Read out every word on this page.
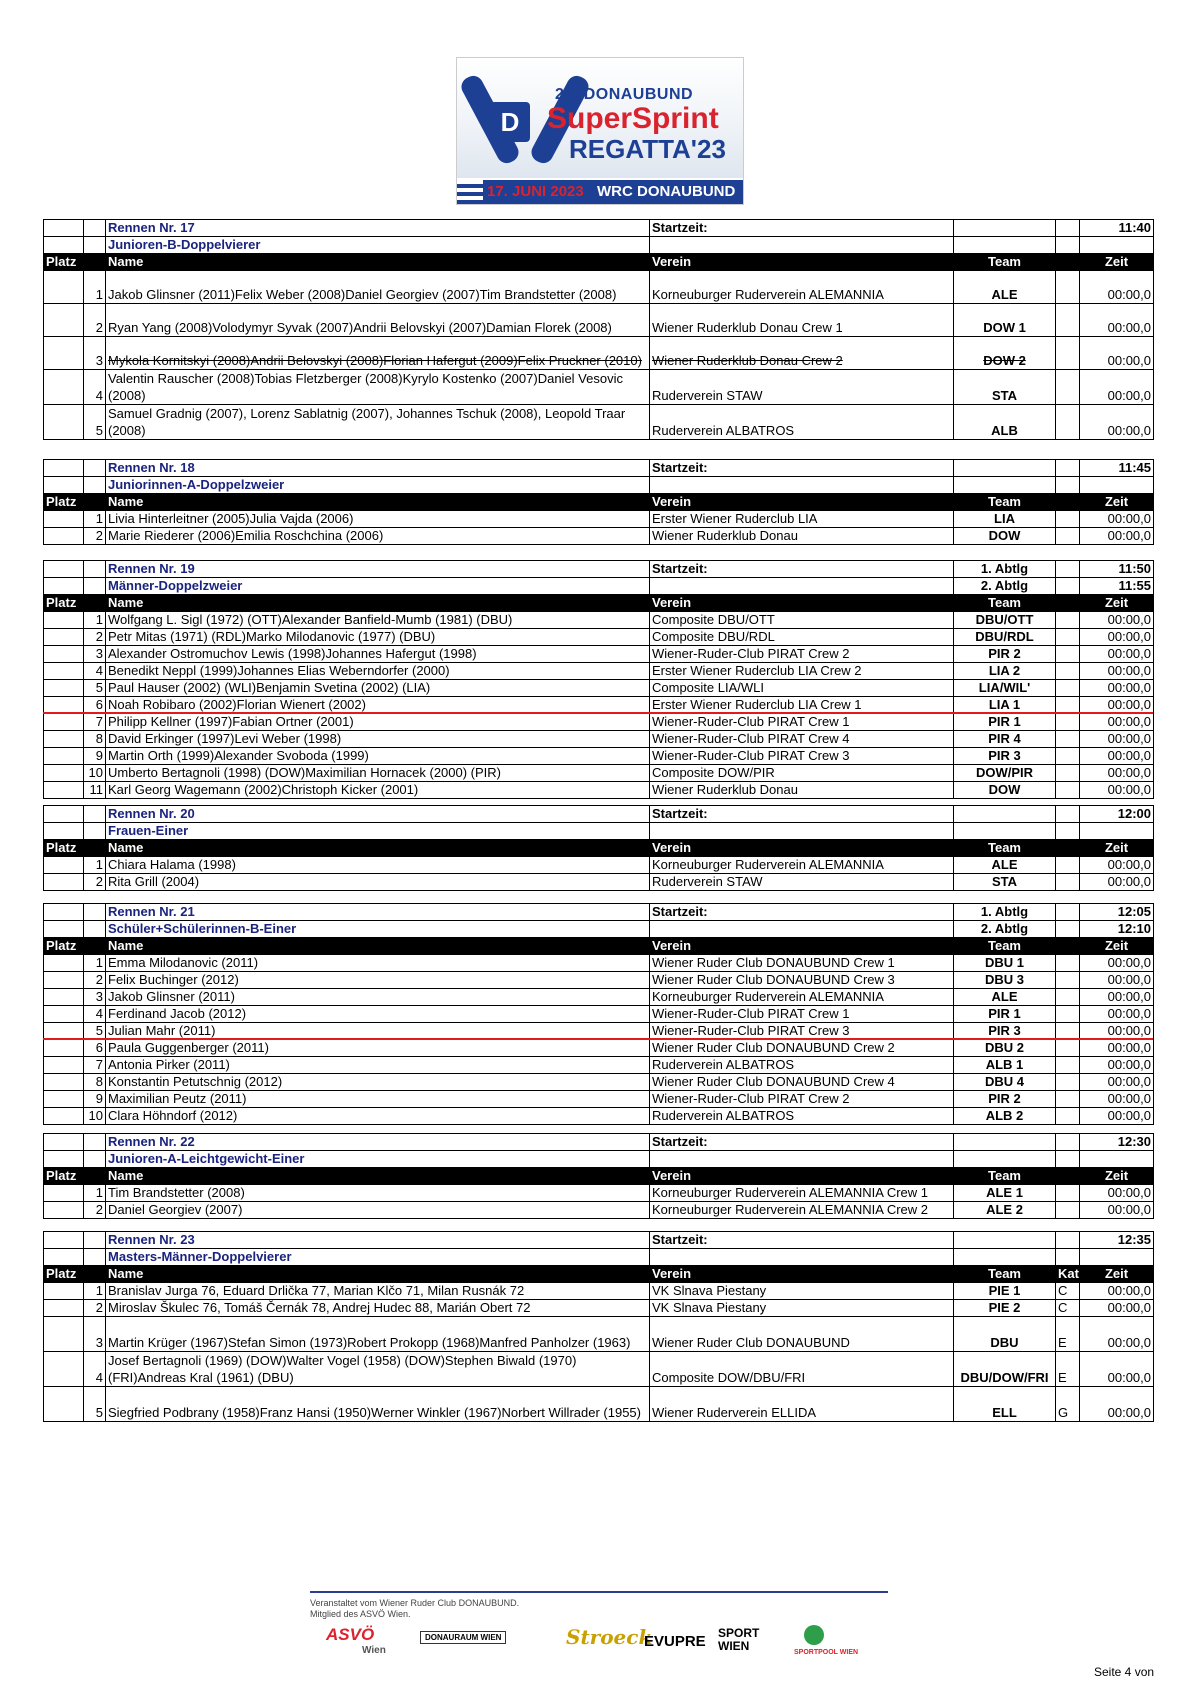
D
24. DONAUBUND
SuperSprint
REGATTA'23
17. JUNI 2023 WRC DONAUBUND
		Rennen Nr. 17	Startzeit:			11:40
		Junioren-B-Doppelvierer				
Platz		Name	Verein	Team		Zeit
	1	Jakob Glinsner (2011)Felix Weber (2008)Daniel Georgiev (2007)Tim Brandstetter (2008)	Korneuburger Ruderverein ALEMANNIA	ALE		00:00,0
	2	Ryan Yang (2008)Volodymyr Syvak (2007)Andrii Belovskyi (2007)Damian Florek (2008)	Wiener Ruderklub Donau Crew 1	DOW 1		00:00,0
	3	Mykola Kornitskyi (2008)Andrii Belovskyi (2008)Florian Hafergut (2009)Felix Pruckner (2010)	Wiener Ruderklub Donau Crew 2	DOW 2		00:00,0
	4	Valentin Rauscher (2008)Tobias Fletzberger (2008)Kyrylo Kostenko (2007)Daniel Vesovic (2008)	Ruderverein STAW	STA		00:00,0
	5	Samuel Gradnig (2007), Lorenz Sablatnig (2007), Johannes Tschuk (2008), Leopold Traar (2008)	Ruderverein ALBATROS	ALB		00:00,0
		Rennen Nr. 18	Startzeit:			11:45
		Juniorinnen-A-Doppelzweier				
Platz		Name	Verein	Team		Zeit
	1	Livia Hinterleitner (2005)Julia Vajda (2006)	Erster Wiener Ruderclub LIA	LIA		00:00,0
	2	Marie Riederer (2006)Emilia Roschchina (2006)	Wiener Ruderklub Donau	DOW		00:00,0
		Rennen Nr. 19	Startzeit:	1. Abtlg		11:50
		Männer-Doppelzweier		2. Abtlg		11:55
Platz		Name	Verein	Team		Zeit
	1	Wolfgang L. Sigl (1972) (OTT)Alexander Banfield-Mumb (1981) (DBU)	Composite DBU/OTT	DBU/OTT		00:00,0
	2	Petr Mitas (1971) (RDL)Marko Milodanovic (1977) (DBU)	Composite DBU/RDL	DBU/RDL		00:00,0
	3	Alexander Ostromuchov Lewis (1998)Johannes Hafergut (1998)	Wiener-Ruder-Club PIRAT Crew 2	PIR 2		00:00,0
	4	Benedikt Neppl (1999)Johannes Elias Weberndorfer (2000)	Erster Wiener Ruderclub LIA Crew 2	LIA 2		00:00,0
	5	Paul Hauser (2002) (WLI)Benjamin Svetina (2002) (LIA)	Composite LIA/WLI	LIA/WIL'		00:00,0
	6	Noah Robibaro (2002)Florian Wienert (2002)	Erster Wiener Ruderclub LIA Crew 1	LIA 1		00:00,0
	7	Philipp Kellner (1997)Fabian Ortner (2001)	Wiener-Ruder-Club PIRAT Crew 1	PIR 1		00:00,0
	8	David Erkinger (1997)Levi Weber (1998)	Wiener-Ruder-Club PIRAT Crew 4	PIR 4		00:00,0
	9	Martin Orth (1999)Alexander Svoboda (1999)	Wiener-Ruder-Club PIRAT Crew 3	PIR 3		00:00,0
	10	Umberto Bertagnoli (1998) (DOW)Maximilian Hornacek (2000) (PIR)	Composite DOW/PIR	DOW/PIR		00:00,0
	11	Karl Georg Wagemann (2002)Christoph Kicker (2001)	Wiener Ruderklub Donau	DOW		00:00,0
		Rennen Nr. 20	Startzeit:			12:00
		Frauen-Einer				
Platz		Name	Verein	Team		Zeit
	1	Chiara Halama (1998)	Korneuburger Ruderverein ALEMANNIA	ALE		00:00,0
	2	Rita Grill (2004)	Ruderverein STAW	STA		00:00,0
		Rennen Nr. 21	Startzeit:	1. Abtlg		12:05
		Schüler+Schülerinnen-B-Einer		2. Abtlg		12:10
Platz		Name	Verein	Team		Zeit
	1	Emma Milodanovic (2011)	Wiener Ruder Club DONAUBUND Crew 1	DBU 1		00:00,0
	2	Felix Buchinger (2012)	Wiener Ruder Club DONAUBUND Crew 3	DBU 3		00:00,0
	3	Jakob Glinsner (2011)	Korneuburger Ruderverein ALEMANNIA	ALE		00:00,0
	4	Ferdinand Jacob (2012)	Wiener-Ruder-Club PIRAT Crew 1	PIR 1		00:00,0
	5	Julian Mahr (2011)	Wiener-Ruder-Club PIRAT Crew 3	PIR 3		00:00,0
	6	Paula Guggenberger (2011)	Wiener Ruder Club DONAUBUND Crew 2	DBU 2		00:00,0
	7	Antonia Pirker (2011)	Ruderverein ALBATROS	ALB 1		00:00,0
	8	Konstantin Petutschnig (2012)	Wiener Ruder Club DONAUBUND Crew 4	DBU 4		00:00,0
	9	Maximilian Peutz (2011)	Wiener-Ruder-Club PIRAT Crew 2	PIR 2		00:00,0
	10	Clara Höhndorf (2012)	Ruderverein ALBATROS	ALB 2		00:00,0
		Rennen Nr. 22	Startzeit:			12:30
		Junioren-A-Leichtgewicht-Einer				
Platz		Name	Verein	Team		Zeit
	1	Tim Brandstetter (2008)	Korneuburger Ruderverein ALEMANNIA Crew 1	ALE 1		00:00,0
	2	Daniel Georgiev (2007)	Korneuburger Ruderverein ALEMANNIA Crew 2	ALE 2		00:00,0
		Rennen Nr. 23	Startzeit:			12:35
		Masters-Männer-Doppelvierer				
Platz		Name	Verein	Team	Kat	Zeit
	1	Branislav Jurga 76, Eduard Drlička 77, Marian Klčo 71, Milan Rusnák 72	VK Slnava Piestany	PIE 1	C	00:00,0
	2	Miroslav Škulec 76, Tomáš Černák 78, Andrej Hudec 88, Marián Obert 72	VK Slnava Piestany	PIE 2	C	00:00,0
	3	Martin Krüger (1967)Stefan Simon (1973)Robert Prokopp (1968)Manfred Panholzer (1963)	Wiener Ruder Club DONAUBUND	DBU	E	00:00,0
	4	Josef Bertagnoli (1969) (DOW)Walter Vogel (1958) (DOW)Stephen Biwald (1970) (FRI)Andreas Kral (1961) (DBU)	Composite DOW/DBU/FRI	DBU/DOW/FRI	E	00:00,0
	5	Siegfried Podbrany (1958)Franz Hansi (1950)Werner Winkler (1967)Norbert Willrader (1955)	Wiener Ruderverein ELLIDA	ELL	G	00:00,0
Veranstaltet vom Wiener Ruder Club DONAUBUND.
Mitglied des ASVÖ Wien.
ASVÖ
Wien
DONAURAUM WIEN	Stroeck
EVUPRE SPORT WIEN	SPORTPOOL WIEN
Seite 4 von
